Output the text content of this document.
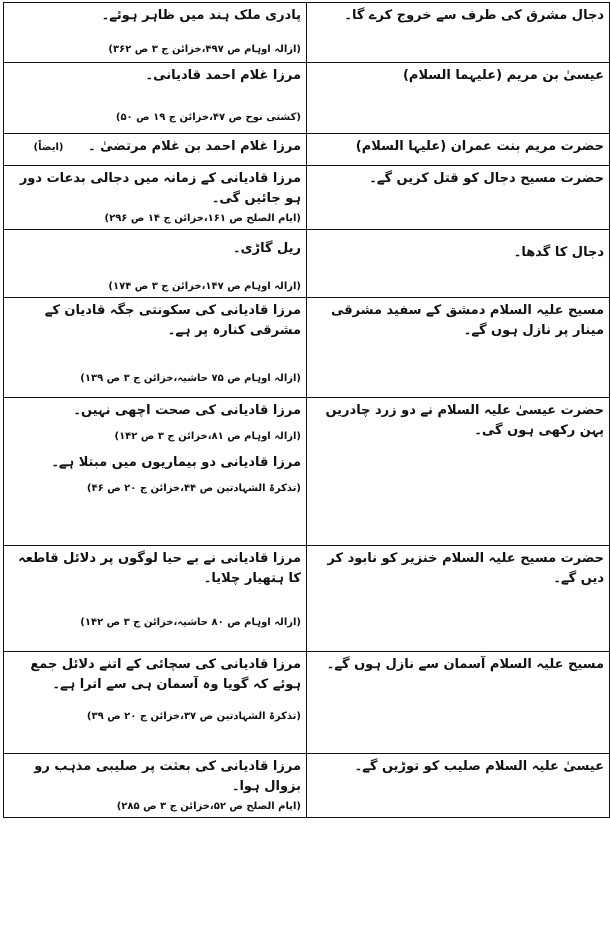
دجال مشرق کی طرف سے خروج کرے گا۔	پادری ملک ہند میں ظاہر ہوئے۔
(ازالہ اوہام ص ۴۹۷،خزائن ج ۳ ص ۳۶۲)

عیسیٰ بن مریم (علیہما السلام)	مرزا غلام احمد قادیانی۔
(کشتی نوح ص ۴۷،خزائن ج ۱۹ ص ۵۰)

حضرت مریم بنت عمران (علیہا السلام)	مرزا غلام احمد بن غلام مرتضیٰ ۔ (ایضاً)

حضرت مسیح دجال کو قتل کریں گے۔	مرزا قادیانی کے زمانہ میں دجالی بدعات دور ہو جائیں گی۔
(ایام الصلح ص ۱۶۱،خزائن ج ۱۴ ص ۲۹۶)

دجال کا گدھا۔	ریل گاڑی۔
(ازالہ اوہام ص ۱۴۷،خزائن ج ۳ ص ۱۷۴)

مسیح علیہ السلام دمشق کے سفید مشرقی مینار پر نازل ہوں گے۔	مرزا قادیانی کی سکونتی جگہ قادیان کے مشرقی کنارہ پر ہے۔
(ازالہ اوہام ص ۷۵ حاشیہ،خزائن ج ۳ ص ۱۳۹)

حضرت عیسیٰ علیہ السلام نے دو زرد چادریں پہن رکھی ہوں گی۔	مرزا قادیانی کی صحت اچھی نہیں۔
(ازالہ اوہام ص ۸۱،خزائن ج ۳ ص ۱۴۲)
مرزا قادیانی دو بیماریوں میں مبتلا ہے۔
(تذکرۃ الشہادتین ص ۴۴،خزائن ج ۲۰ ص ۴۶)

حضرت مسیح علیہ السلام خنزیر کو نابود کر دیں گے۔	مرزا قادیانی نے بے حیا لوگوں پر دلائل قاطعہ کا ہتھیار چلایا۔
(ازالہ اوہام ص ۸۰ حاشیہ،خزائن ج ۳ ص ۱۴۲)

مسیح علیہ السلام آسمان سے نازل ہوں گے۔	مرزا قادیانی کی سچائی کے اتنے دلائل جمع ہوئے کہ گویا وہ آسمان ہی سے اترا ہے۔
(تذکرۃ الشہادتین ص ۳۷،خزائن ج ۲۰ ص ۳۹)

عیسیٰ علیہ السلام صلیب کو توڑیں گے۔	مرزا قادیانی کی بعثت پر صلیبی مذہب رو بزوال ہوا۔
(ایام الصلح ص ۵۲،خزائن ج ۳ ص ۲۸۵)
